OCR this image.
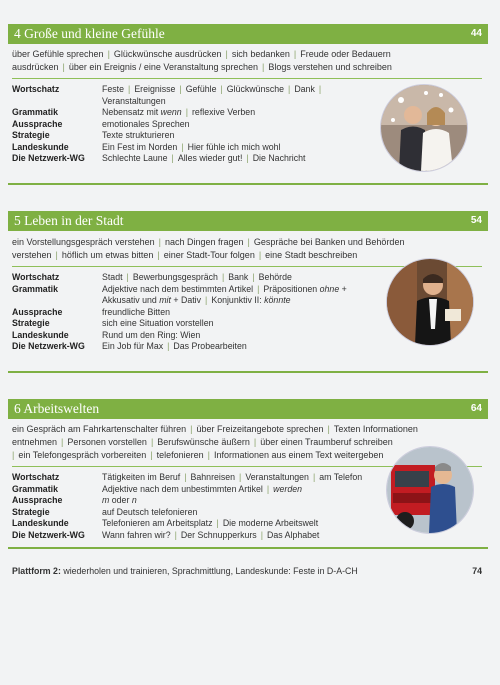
4 Große und kleine Gefühle	44
über Gefühle sprechen | Glückwünsche ausdrücken | sich bedanken | Freude oder Bedauern
ausdrücken | über ein Ereignis / eine Veranstaltung sprechen | Blogs verstehen und schreiben
Wortschatz	Feste | Ereignisse | Gefühle | Glückwünsche | Dank |
Veranstaltungen
Grammatik	Nebensatz mit wenn | reflexive Verben
Aussprache	emotionales Sprechen
Strategie	Texte strukturieren
Landeskunde	Ein Fest im Norden | Hier fühle ich mich wohl
Die Netzwerk-WG	Schlechte Laune | Alles wieder gut! | Die Nachricht
5 Leben in der Stadt	54
ein Vorstellungsgespräch verstehen | nach Dingen fragen | Gespräche bei Banken und Behörden
verstehen | höflich um etwas bitten | einer Stadt-Tour folgen | eine Stadt beschreiben
Wortschatz	Stadt | Bewerbungsgespräch | Bank | Behörde
Grammatik	Adjektive nach dem bestimmten Artikel | Präpositionen ohne +
Akkusativ und mit + Dativ | Konjunktiv II: könnte
Aussprache	freundliche Bitten
Strategie	sich eine Situation vorstellen
Landeskunde	Rund um den Ring: Wien
Die Netzwerk-WG	Ein Job für Max | Das Probearbeiten
6 Arbeitswelten	64
ein Gespräch am Fahrkartenschalter führen | über Freizeitangebote sprechen | Texten Informationen
entnehmen | Personen vorstellen | Berufswünsche äußern | über einen Traumberuf schreiben
| ein Telefongespräch vorbereiten | telefonieren | Informationen aus einem Text weitergeben
Wortschatz	Tätigkeiten im Beruf | Bahnreisen | Veranstaltungen | am Telefon
Grammatik	Adjektive nach dem unbestimmten Artikel | werden
Aussprache	m oder n
Strategie	auf Deutsch telefonieren
Landeskunde	Telefonieren am Arbeitsplatz | Die moderne Arbeitswelt
Die Netzwerk-WG	Wann fahren wir? | Der Schnupperkurs | Das Alphabet
Plattform 2: wiederholen und trainieren, Sprachmittlung, Landeskunde: Feste in D-A-CH	74
